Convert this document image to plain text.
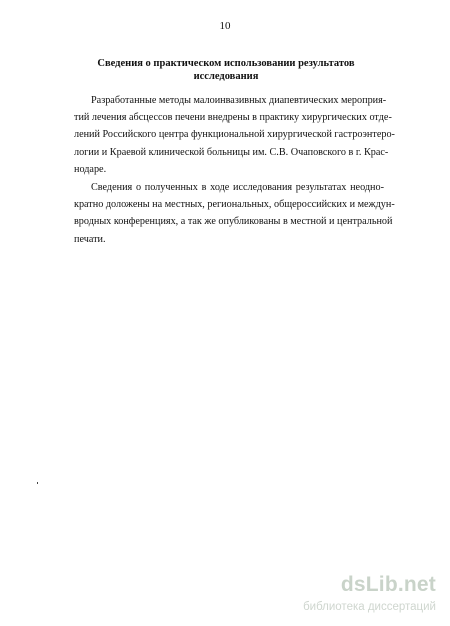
10
Сведения о практическом использовании результатов
исследования
Разработанные методы малоинвазивных диапевтических мероприя-
тий лечения абсцессов печени внедрены в практику хирургических отде-
лений Российского центра функциональной хирургической гастроэнтеро-
логии и Краевой клинической больницы им. С.В. Очаповского в г. Крас-
нодаре.
Сведения о полученных в ходе исследования результатах неодно-
кратно доложены на местных, региональных, общероссийских и междун-
вродных конференциях, а так же опубликованы в местной и центральной
печати.
dsLib.net
библиотека диссертаций
